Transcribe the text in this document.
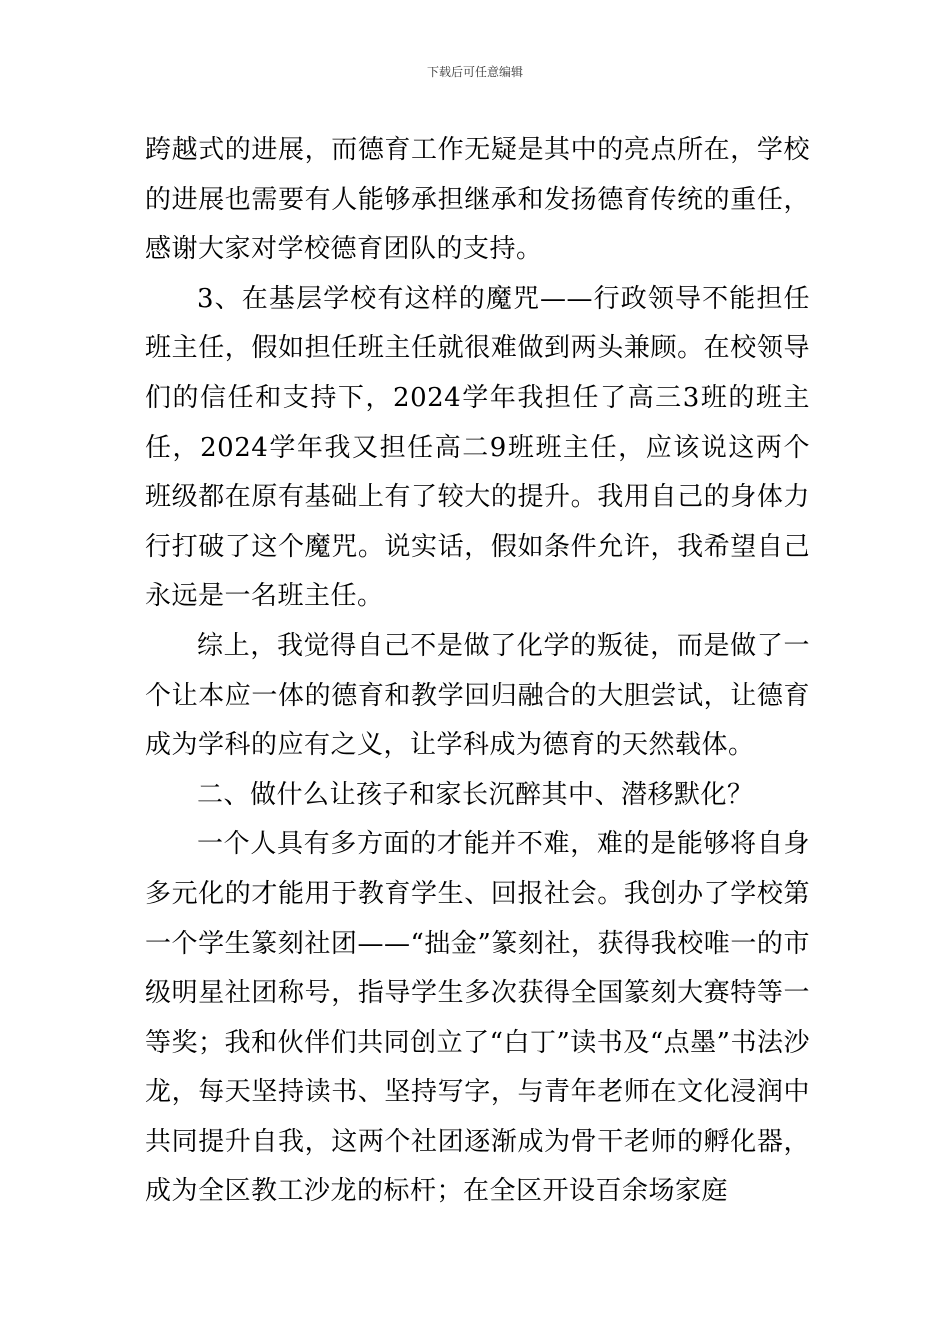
下载后可任意编辑

跨越式的进展，而德育工作无疑是其中的亮点所在，学校的进展也需要有人能够承担继承和发扬德育传统的重任，感谢大家对学校德育团队的支持。

3、在基层学校有这样的魔咒——行政领导不能担任班主任，假如担任班主任就很难做到两头兼顾。在校领导们的信任和支持下，2024学年我担任了高三3班的班主任，2024学年我又担任高二9班班主任，应该说这两个班级都在原有基础上有了较大的提升。我用自己的身体力行打破了这个魔咒。说实话，假如条件允许，我希望自己永远是一名班主任。

综上，我觉得自己不是做了化学的叛徒，而是做了一个让本应一体的德育和教学回归融合的大胆尝试，让德育成为学科的应有之义，让学科成为德育的天然载体。

二、做什么让孩子和家长沉醉其中、潜移默化？

一个人具有多方面的才能并不难，难的是能够将自身多元化的才能用于教育学生、回报社会。我创办了学校第一个学生篆刻社团——“拙金”篆刻社，获得我校唯一的市级明星社团称号，指导学生多次获得全国篆刻大赛特等一等奖；我和伙伴们共同创立了“白丁”读书及“点墨”书法沙龙，每天坚持读书、坚持写字，与青年老师在文化浸润中共同提升自我，这两个社团逐渐成为骨干老师的孵化器，成为全区教工沙龙的标杆；在全区开设百余场家庭
